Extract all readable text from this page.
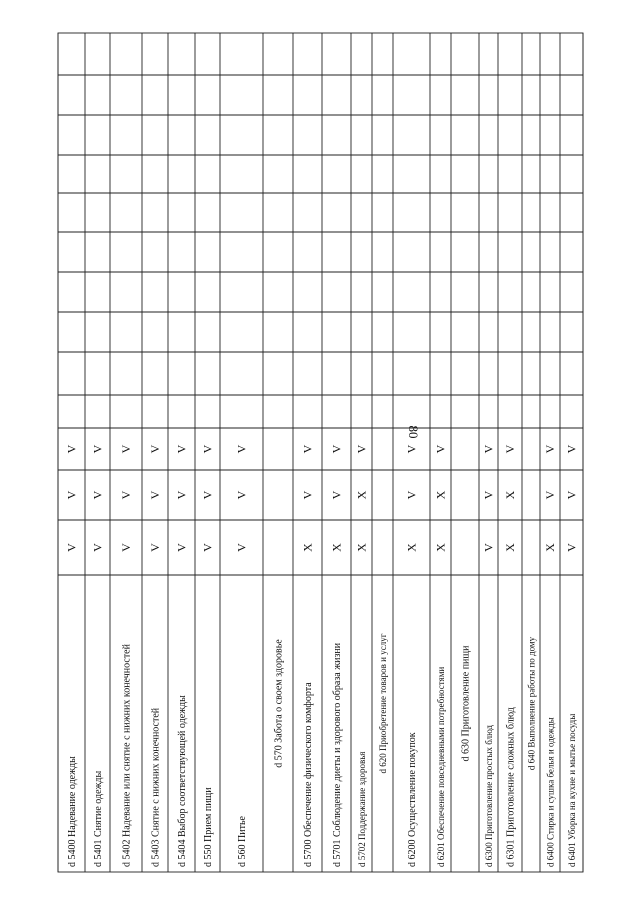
80
d 5400 Надевание одежды
V
V
V
d 5401 Снятие одежды
V
V
V
d 5402 Надевание или снятие с нижних конечностей
V
V
V
d 5403 Снятие с нижних конечностей
V
V
V
d 5404 Выбор соответствующей одежды
V
V
V
d 550 Прием пищи
V
V
V
d 560 Питье
V
V
V
d 570 Забота о своем здоровье d 5700 Обеспечение физического комфорта
X
V
V
d 5701 Соблюдение диеты и здорового образа жизни
X
V
V
d 5702 Поддержание здоровья
X
X
V
d 620 Приобретение товаров и услуг
d 6200 Осуществление покупок
X
V
V
d 6201 Обеспечение повседневными потребностями
X
X
V
d 630 Приготовление пищи
d 6300 Приготовление простых блюд
V
V
V
d 6301 Приготовление сложных блюд
X
X
V
d 640 Выполнение работы по дому
d 6400 Стирка и сушка белья и одежды
X
V
V
d 6401 Уборка на кухне и мытье посуды
V
V
V
